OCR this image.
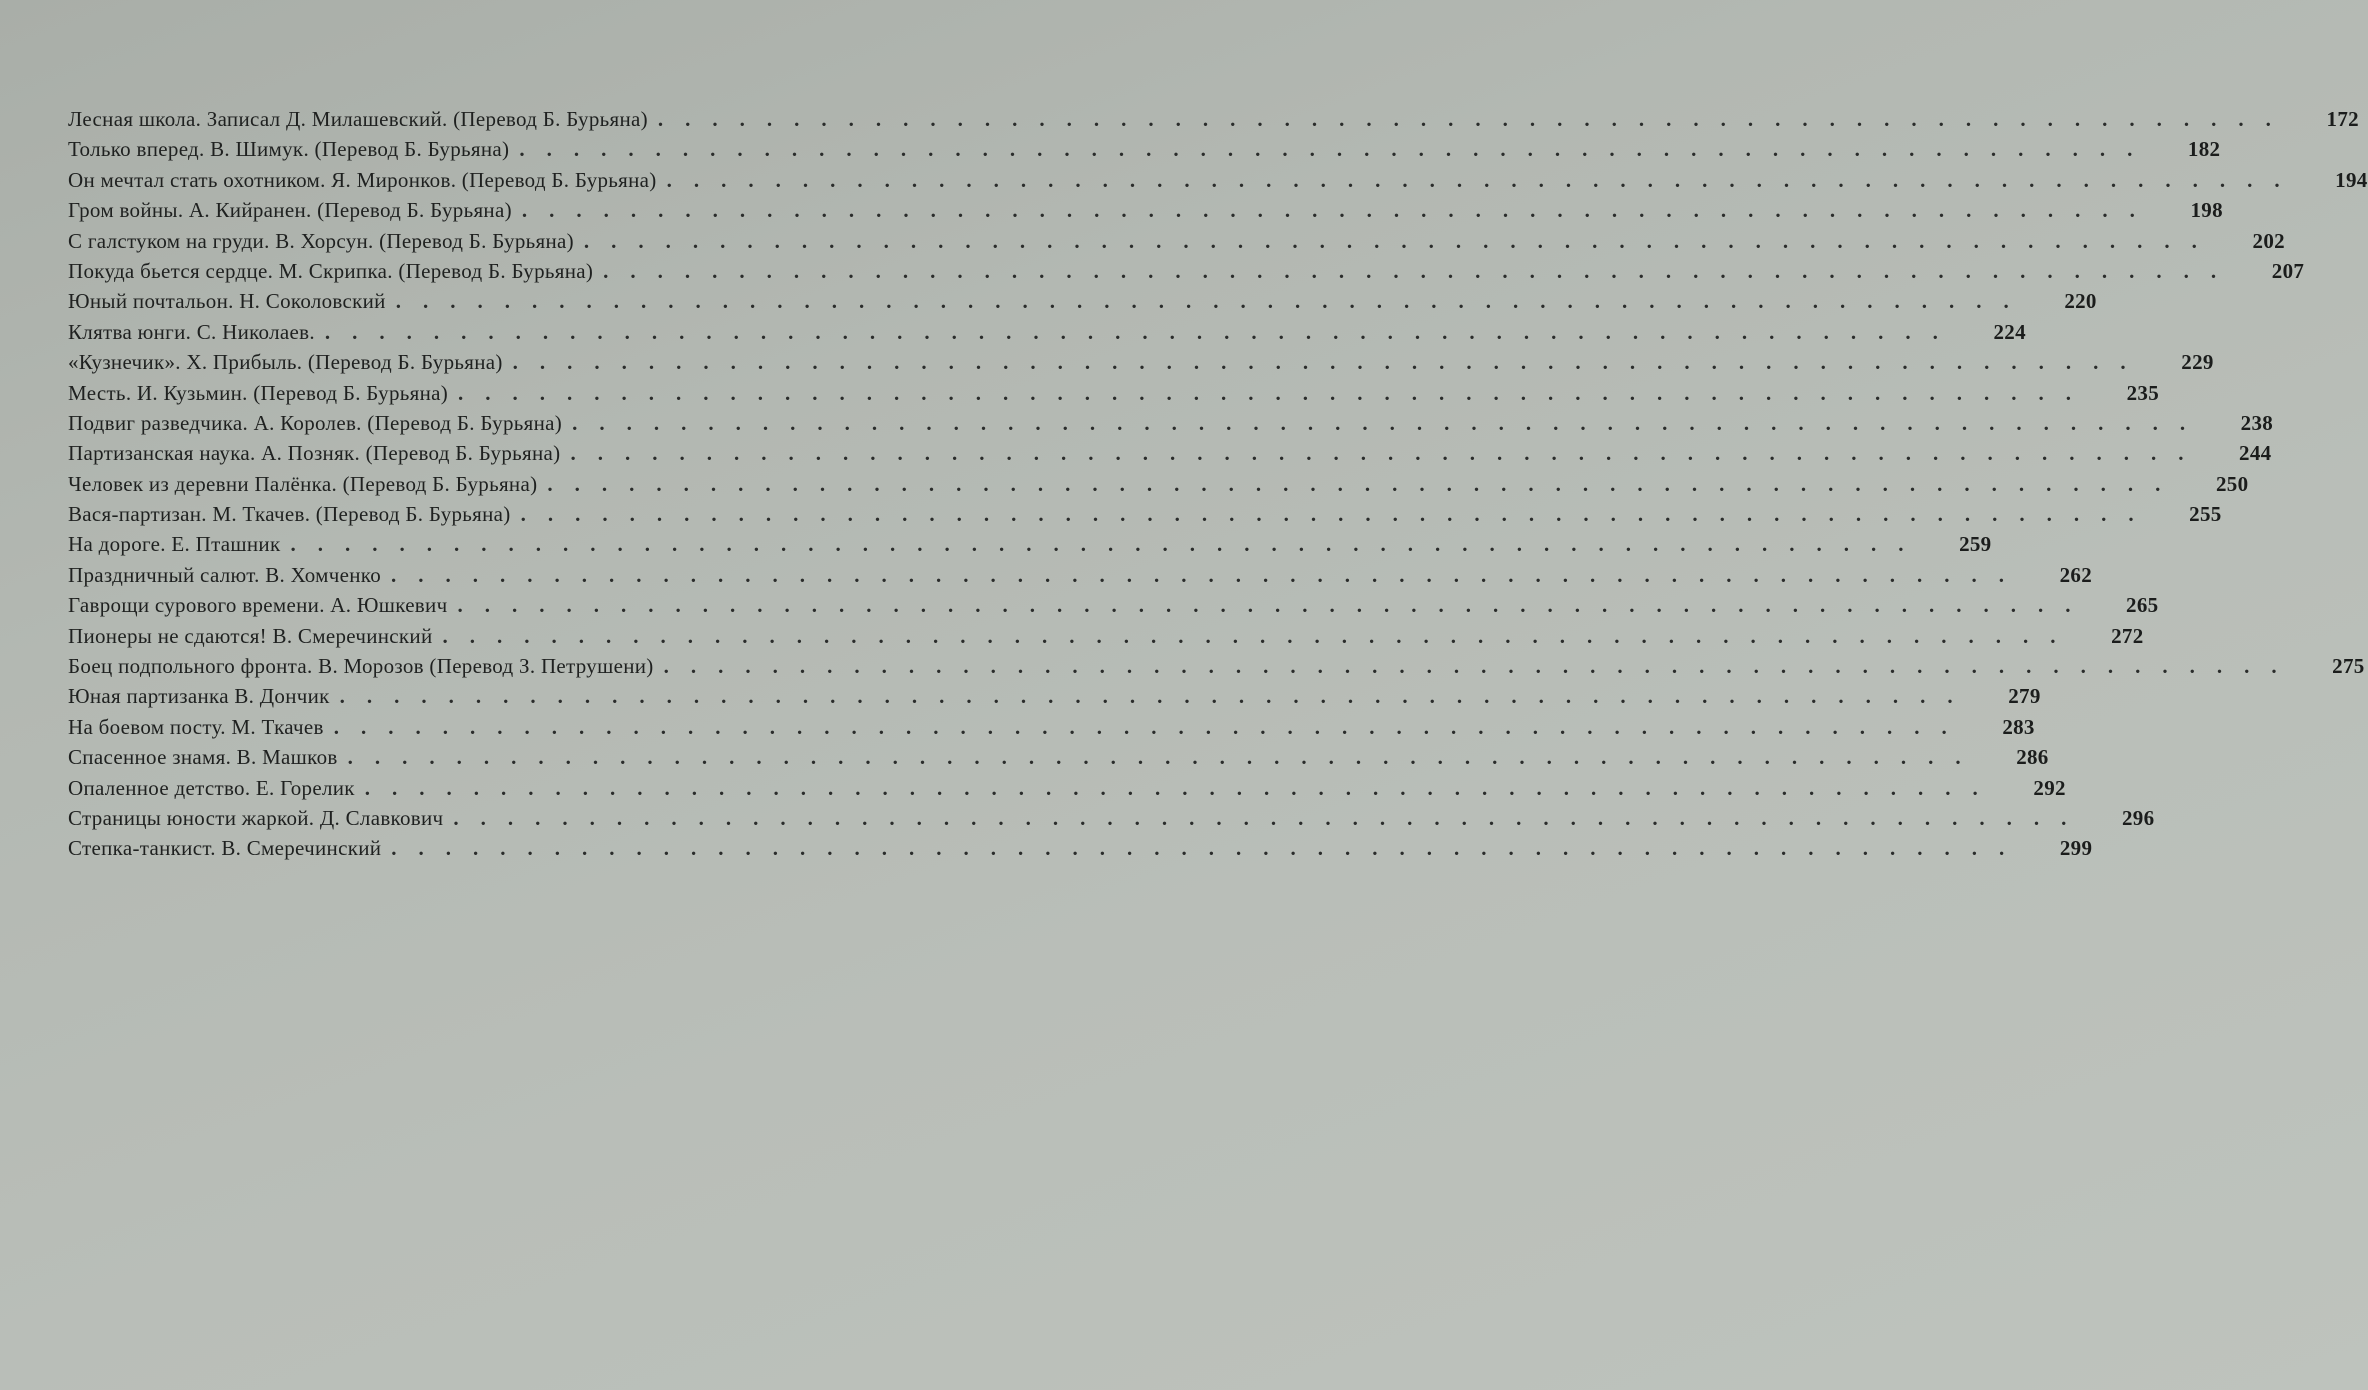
Лесная школа. Записал Д. Милашевский. (Перевод Б. Бурьяна) ............................................................	172
Только вперед. В. Шимук. (Перевод Б. Бурьяна) ............................................................	182
Он мечтал стать охотником. Я. Миронков. (Перевод Б. Бурьяна) ............................................................	194
Гром войны. А. Кийранен. (Перевод Б. Бурьяна) ............................................................	198
С галстуком на груди. В. Хорсун. (Перевод Б. Бурьяна) ............................................................	202
Покуда бьется сердце. М. Скрипка. (Перевод Б. Бурьяна) ............................................................	207
Юный почтальон. Н. Соколовский ............................................................	220
Клятва юнги. С. Николаев. ............................................................	224
«Кузнечик». Х. Прибыль. (Перевод Б. Бурьяна) ............................................................	229
Месть. И. Кузьмин. (Перевод Б. Бурьяна) ............................................................	235
Подвиг разведчика. А. Королев. (Перевод Б. Бурьяна) ............................................................	238
Партизанская наука. А. Позняк. (Перевод Б. Бурьяна) ............................................................	244
Человек из деревни Палёнка. (Перевод Б. Бурьяна) ............................................................	250
Вася-партизан. М. Ткачев. (Перевод Б. Бурьяна) ............................................................	255
На дороге. Е. Пташник ............................................................	259
Праздничный салют. В. Хомченко ............................................................	262
Гаврощи сурового времени. А. Юшкевич ............................................................	265
Пионеры не сдаются! В. Смеречинский ............................................................	272
Боец подпольного фронта. В. Морозов (Перевод З. Петрушени) ............................................................	275
Юная партизанка В. Дончик ............................................................	279
На боевом посту. М. Ткачев ............................................................	283
Спасенное знамя. В. Машков ............................................................	286
Опаленное детство. Е. Горелик ............................................................	292
Страницы юности жаркой. Д. Славкович ............................................................	296
Степка-танкист. В. Смеречинский ............................................................	299
